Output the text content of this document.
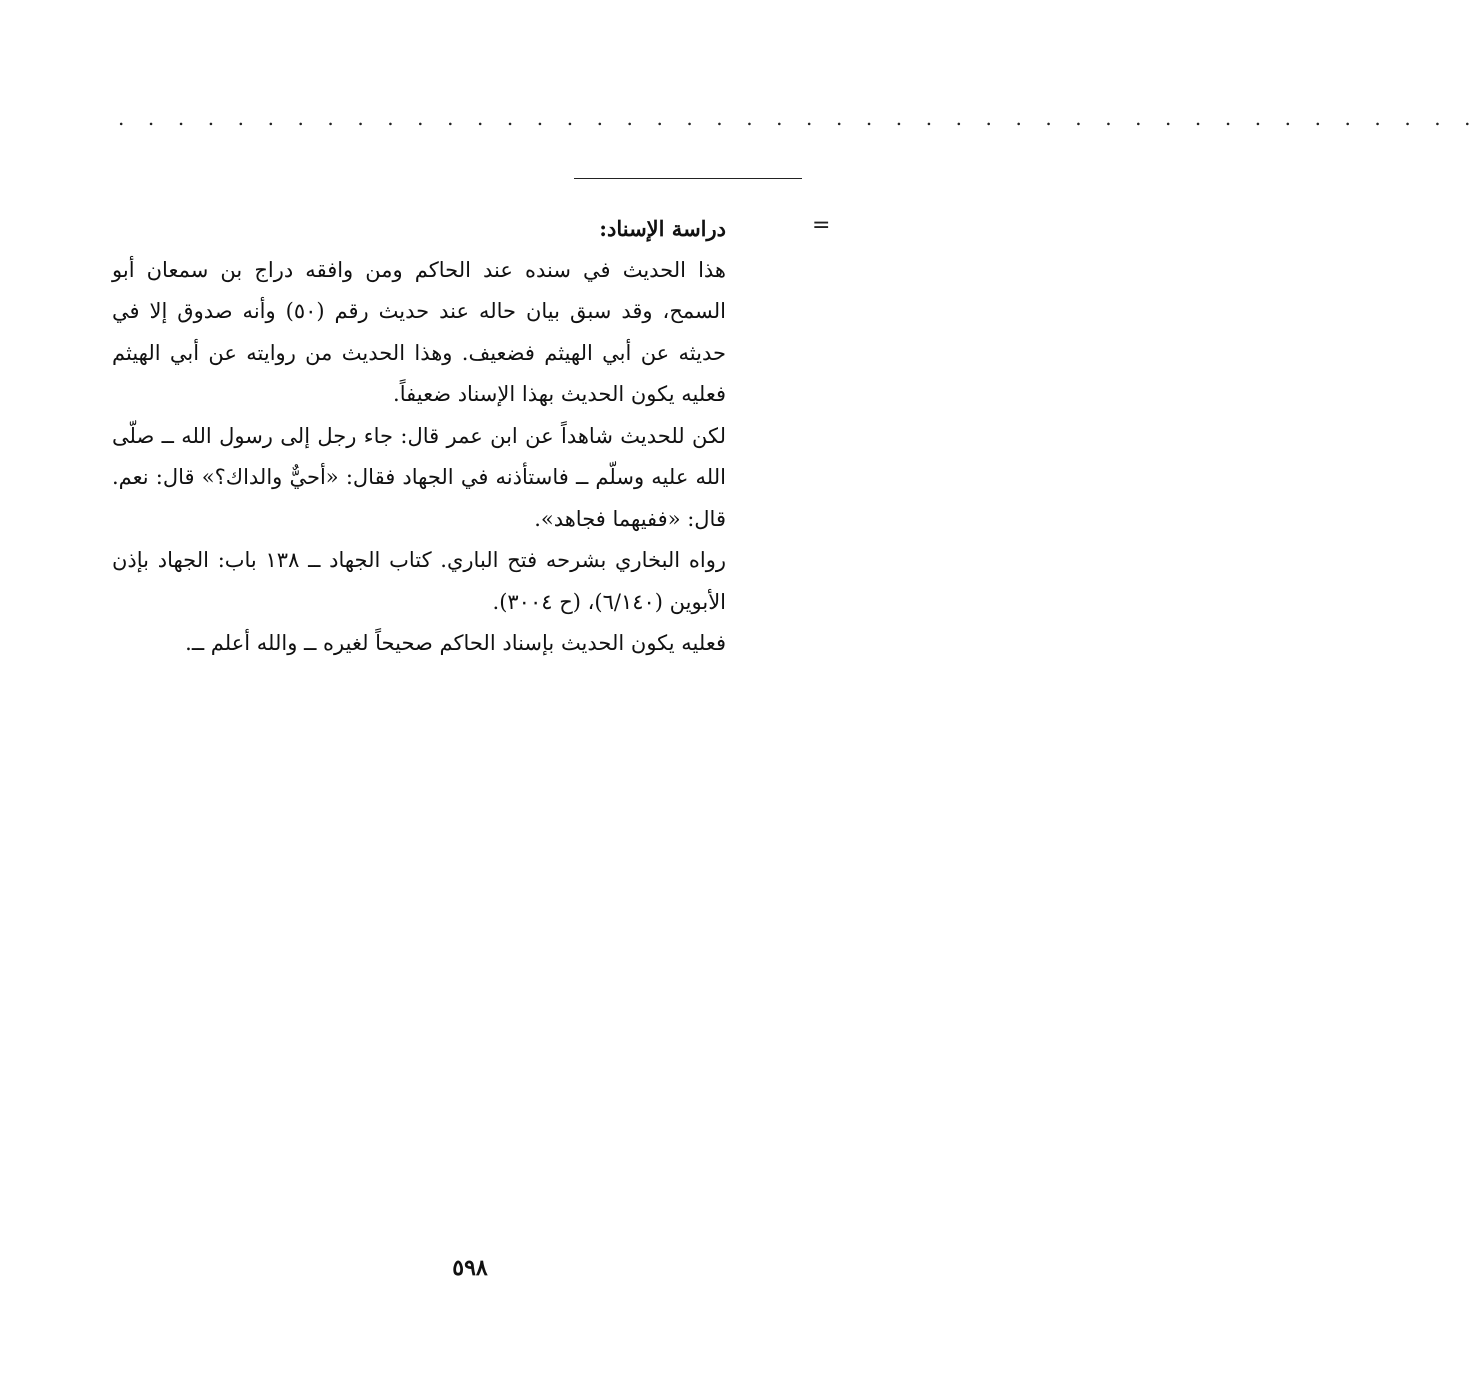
. . . . . . . . . . . . . . . . . . . . . . . . . . . . . . . . . . . . . . . . . . . . . .
=

دراسة الإسناد:

هذا الحديث في سنده عند الحاكم ومن وافقه دراج بن سمعان أبو السمح، وقد سبق بيان حاله عند حديث رقم (٥٠) وأنه صدوق إلا في حديثه عن أبي الهيثم فضعيف. وهذا الحديث من روايته عن أبي الهيثم فعليه يكون الحديث بهذا الإسناد ضعيفاً.

لكن للحديث شاهداً عن ابن عمر قال: جاء رجل إلى رسول الله ــ صلّى الله عليه وسلّم ــ فاستأذنه في الجهاد فقال: «أحيٌّ والداك؟» قال: نعم. قال: «ففيهما فجاهد».

رواه البخاري بشرحه فتح الباري. كتاب الجهاد ــ ١٣٨ باب: الجهاد بإذن الأبوين (٦/١٤٠)، (ح ٣٠٠٤).

فعليه يكون الحديث بإسناد الحاكم صحيحاً لغيره ــ والله أعلم ــ.

٥٩٨
